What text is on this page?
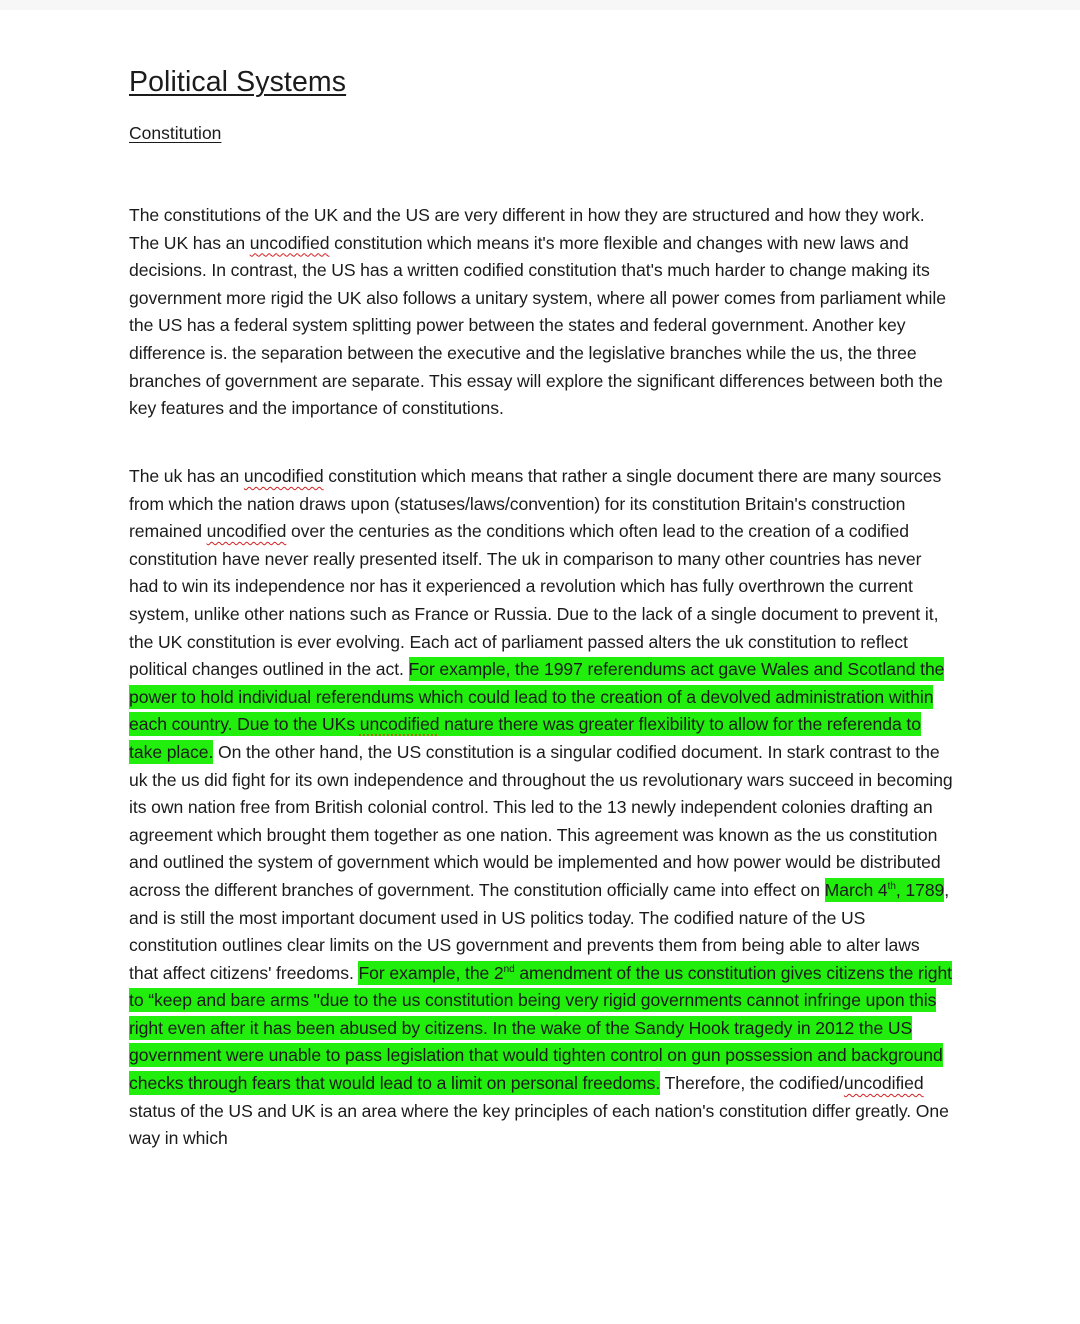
Political Systems
Constitution

The constitutions of the UK and the US are very different in how they are structured and how they work. The UK has an uncodified constitution which means it's more flexible and changes with new laws and decisions. In contrast, the US has a written codified constitution that's much harder to change making its government more rigid the UK also follows a unitary system, where all power comes from parliament while the US has a federal system splitting power between the states and federal government. Another key difference is. the separation between the executive and the legislative branches while the us, the three branches of government are separate. This essay will explore the significant differences between both the key features and the importance of constitutions.

The uk has an uncodified constitution which means that rather a single document there are many sources from which the nation draws upon (statuses/laws/convention) for its constitution Britain's construction remained uncodified over the centuries as the conditions which often lead to the creation of a codified constitution have never really presented itself. The uk in comparison to many other countries has never had to win its independence nor has it experienced a revolution which has fully overthrown the current system, unlike other nations such as France or Russia. Due to the lack of a single document to prevent it, the UK constitution is ever evolving. Each act of parliament passed alters the uk constitution to reflect political changes outlined in the act. For example, the 1997 referendums act gave Wales and Scotland the power to hold individual referendums which could lead to the creation of a devolved administration within each country. Due to the UKs uncodified nature there was greater flexibility to allow for the referenda to take place. On the other hand, the US constitution is a singular codified document. In stark contrast to the uk the us did fight for its own independence and throughout the us revolutionary wars succeed in becoming its own nation free from British colonial control. This led to the 13 newly independent colonies drafting an agreement which brought them together as one nation. This agreement was known as the us constitution and outlined the system of government which would be implemented and how power would be distributed across the different branches of government. The constitution officially came into effect on March 4th, 1789, and is still the most important document used in US politics today. The codified nature of the US constitution outlines clear limits on the US government and prevents them from being able to alter laws that affect citizens' freedoms. For example, the 2nd amendment of the us constitution gives citizens the right to “keep and bare arms "due to the us constitution being very rigid governments cannot infringe upon this right even after it has been abused by citizens. In the wake of the Sandy Hook tragedy in 2012 the US government were unable to pass legislation that would tighten control on gun possession and background checks through fears that would lead to a limit on personal freedoms. Therefore, the codified/uncodified status of the US and UK is an area where the key principles of each nation's constitution differ greatly. One way in which
